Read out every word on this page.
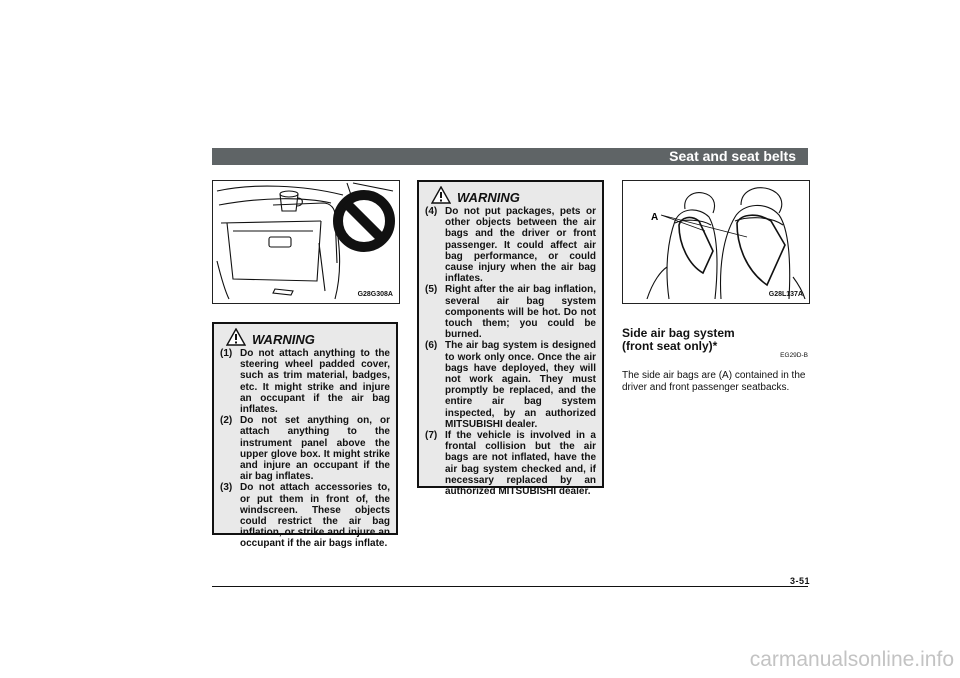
Seat and seat belts
G28G308A
WARNING
(1) Do not attach anything to the steering wheel padded cover, such as trim material, badges, etc. It might strike and injure an occupant if the air bag inflates.
(2) Do not set anything on, or attach anything to the instrument panel above the upper glove box. It might strike and injure an occupant if the air bag inflates.
(3) Do not attach accessories to, or put them in front of, the windscreen. These objects could restrict the air bag inflation, or strike and injure an occupant if the air bags inflate.
WARNING
(4) Do not put packages, pets or other objects between the air bags and the driver or front passenger. It could affect air bag performance, or could cause injury when the air bag inflates.
(5) Right after the air bag inflation, several air bag system components will be hot. Do not touch them; you could be burned.
(6) The air bag system is designed to work only once. Once the air bags have deployed, they will not work again. They must promptly be replaced, and the entire air bag system inspected, by an authorized MITSUBISHI dealer.
(7) If the vehicle is involved in a frontal collision but the air bags are not inflated, have the air bag system checked and, if necessary replaced by an authorized MITSUBISHI dealer.
A
G28L137A
Side air bag system
(front seat only)*
EG29D-B
The side air bags are (A) contained in the driver and front passenger seatbacks.
3-51
carmanualsonline.info
